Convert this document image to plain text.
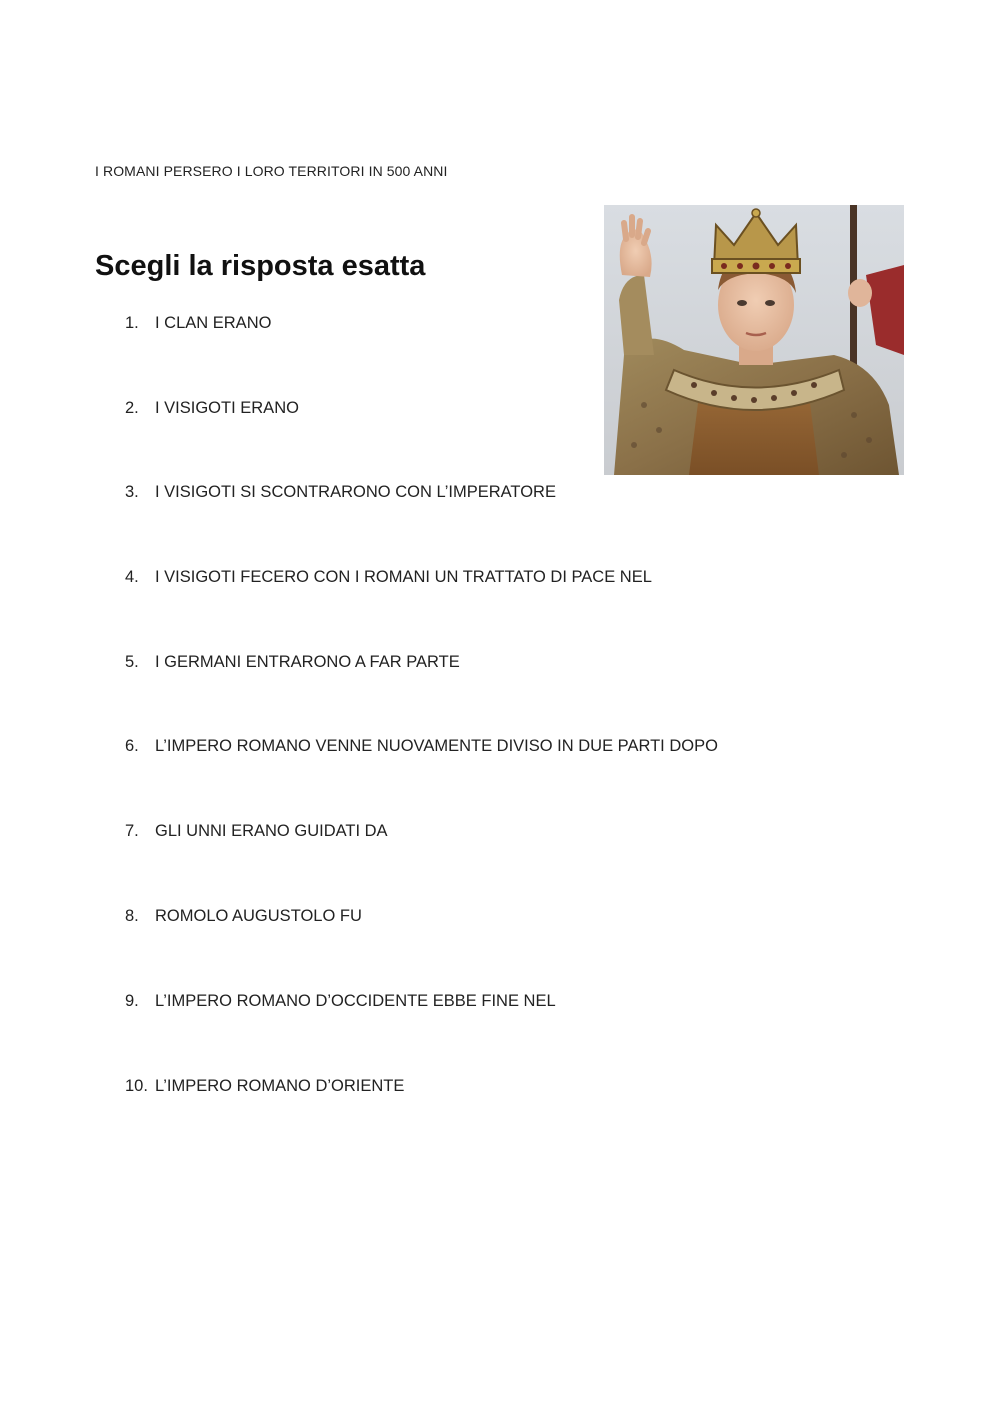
I ROMANI PERSERO I LORO TERRITORI IN 500 ANNI
Scegli la risposta esatta
1. I CLAN ERANO
2. I VISIGOTI ERANO
3. I VISIGOTI SI SCONTRARONO CON L’IMPERATORE
4. I VISIGOTI FECERO CON I ROMANI UN TRATTATO DI PACE NEL
5. I GERMANI ENTRARONO A FAR PARTE
6. L’IMPERO ROMANO VENNE NUOVAMENTE DIVISO IN DUE PARTI DOPO
7. GLI UNNI ERANO GUIDATI DA
8. ROMOLO AUGUSTOLO FU
9. L’IMPERO ROMANO D’OCCIDENTE EBBE FINE NEL
10. L’IMPERO ROMANO D’ORIENTE
